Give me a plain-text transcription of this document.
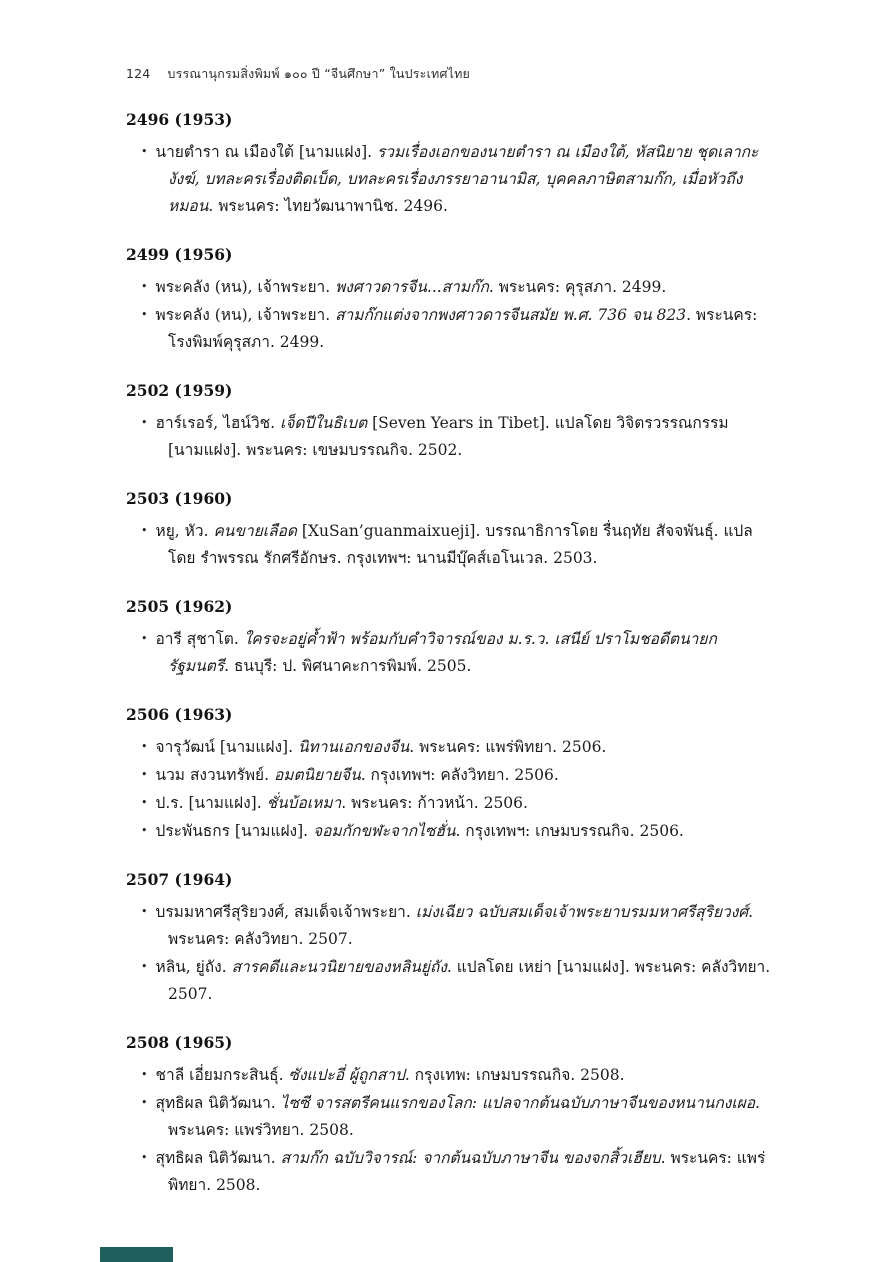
124 บรรณานุกรมสิ่งพิมพ์ ๑๐๐ ปี “จีนศึกษา” ในประเทศไทย
2496 (1953)

• นายตำรา ณ เมืองใต้ [นามแฝง]. รวมเรื่องเอกของนายตำรา ณ เมืองใต้, หัสนิยาย ชุดเลากะงังฆ์, บทละครเรื่องติดเบ็ด, บทละครเรื่องภรรยาอานามิส, บุคคลภาษิตสามก๊ก, เมื่อหัวถึงหมอน. พระนคร: ไทยวัฒนาพานิช. 2496.

2499 (1956)

• พระคลัง (หน), เจ้าพระยา. พงศาวดารจีน...สามก๊ก. พระนคร: คุรุสภา. 2499.

• พระคลัง (หน), เจ้าพระยา. สามก๊กแต่งจากพงศาวดารจีนสมัย พ.ศ. 736 จน 823. พระนคร: โรงพิมพ์คุรุสภา. 2499.

2502 (1959)

• ฮาร์เรอร์, ไฮน์วิช. เจ็ดปีในธิเบต [Seven Years in Tibet]. แปลโดย วิจิตรวรรณกรรม [นามแฝง]. พระนคร: เขษมบรรณกิจ. 2502.

2503 (1960)

• หยู, หัว. คนขายเลือด [XuSan’guanmaixueji]. บรรณาธิการโดย รื่นฤทัย สัจจพันธุ์. แปลโดย รำพรรณ รักศรีอักษร. กรุงเทพฯ: นานมีบุ๊คส์เอโนเวล. 2503.

2505 (1962)

• อารี สุชาโต. ใครจะอยู่ค้ำฟ้า พร้อมกับคำวิจารณ์ของ ม.ร.ว. เสนีย์ ปราโมชอดีตนายกรัฐมนตรี. ธนบุรี: ป. พิศนาคะการพิมพ์. 2505.

2506 (1963)

• จารุวัฒน์ [นามแฝง]. นิทานเอกของจีน. พระนคร: แพร่พิทยา. 2506.

• นวม สงวนทรัพย์. อมตนิยายจีน. กรุงเทพฯ: คลังวิทยา. 2506.

• ป.ร. [นามแฝง]. ชั่นบ้อเหมา. พระนคร: ก้าวหน้า. 2506.

• ประพันธกร [นามแฝง]. จอมกักขฬะจากไซฮั่น. กรุงเทพฯ: เกษมบรรณกิจ. 2506.

2507 (1964)

• บรมมหาศรีสุริยวงศ์, สมเด็จเจ้าพระยา. เม่งเฉียว ฉบับสมเด็จเจ้าพระยาบรมมหาศรีสุริยวงศ์. พระนคร: คลังวิทยา. 2507.

• หลิน, ยู่ถัง. สารคดีและนวนิยายของหลินยู่ถัง. แปลโดย เหย่า [นามแฝง]. พระนคร: คลังวิทยา. 2507.

2508 (1965)

• ชาลี เอี่ยมกระสินธุ์. ซังแปะอี่ ผู้ถูกสาป. กรุงเทพ: เกษมบรรณกิจ. 2508.

• สุทธิผล นิติวัฒนา. ไซซี จารสตรีคนแรกของโลก: แปลจากต้นฉบับภาษาจีนของหนานกงเผอ. พระนคร: แพร่วิทยา. 2508.

• สุทธิผล นิติวัฒนา. สามก๊ก ฉบับวิจารณ์: จากต้นฉบับภาษาจีน ของจกสิ้วเฮียบ. พระนคร: แพร่พิทยา. 2508.
